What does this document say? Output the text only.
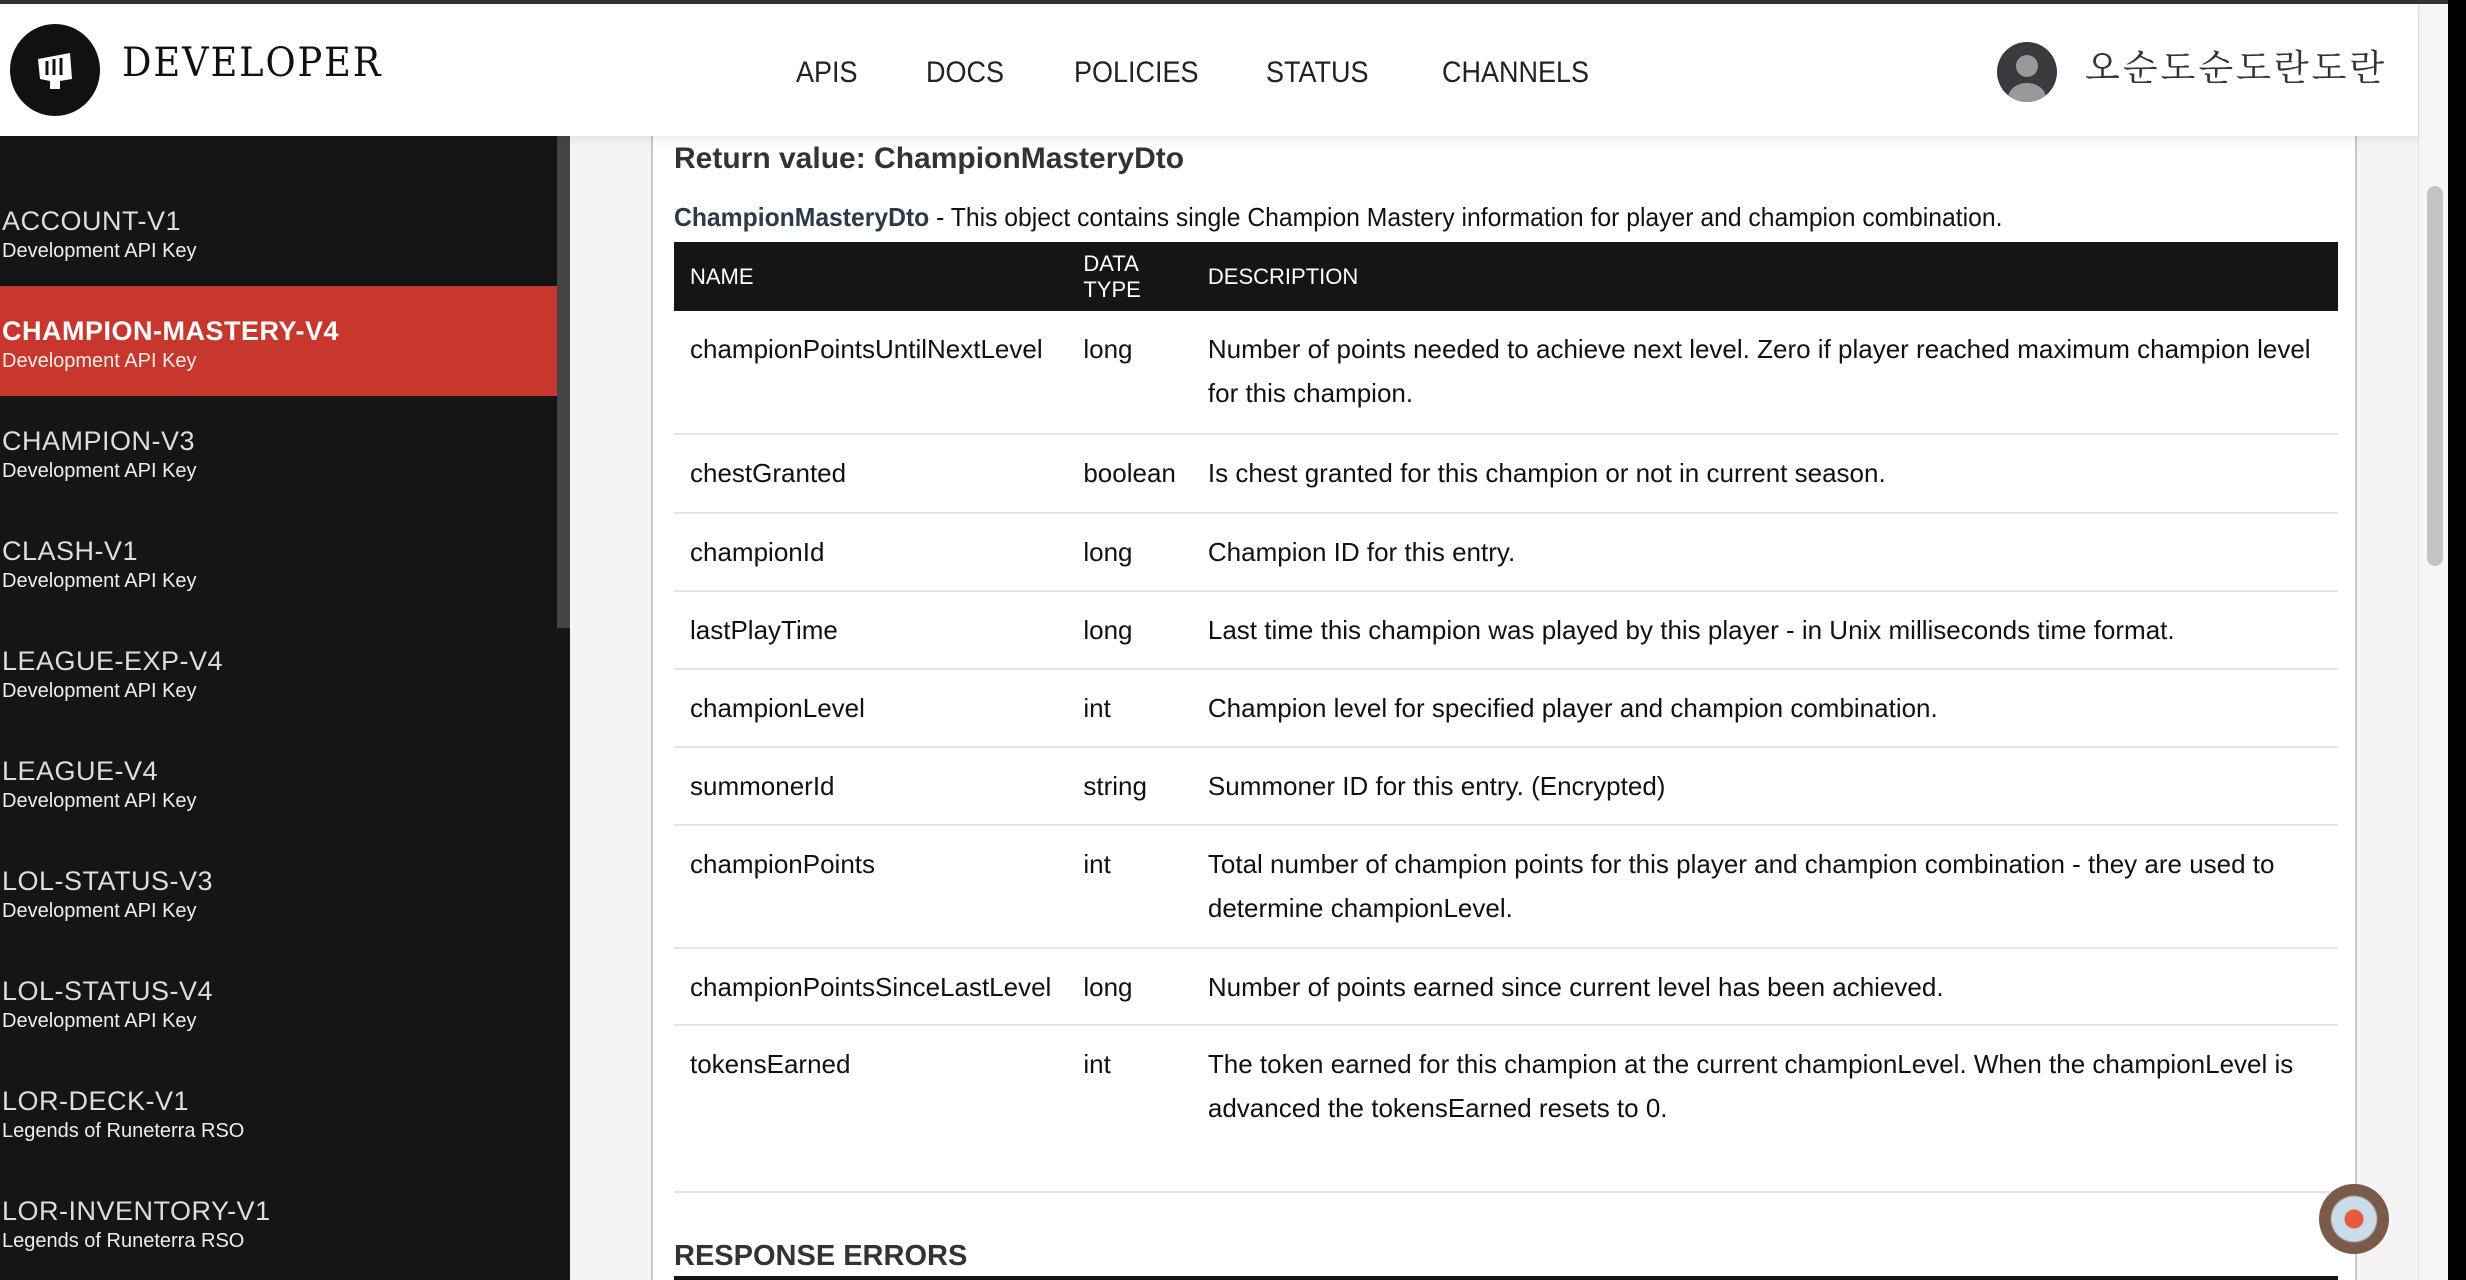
DEVELOPER	APIS DOCS POLICIES STATUS CHANNELS	오순도순도란도란
ACCOUNT-V1
Development API Key
CHAMPION-MASTERY-V4
Development API Key
CHAMPION-V3
Development API Key
CLASH-V1
Development API Key
LEAGUE-EXP-V4
Development API Key
LEAGUE-V4
Development API Key
LOL-STATUS-V3
Development API Key
LOL-STATUS-V4
Development API Key
LOR-DECK-V1
Legends of Runeterra RSO
LOR-INVENTORY-V1
Legends of Runeterra RSO
Return value: ChampionMasteryDto
ChampionMasteryDto - This object contains single Champion Mastery information for player and champion combination.
NAME	DATA TYPE	DESCRIPTION

championPointsUntilNextLevel	long	Number of points needed to achieve next level. Zero if player reached maximum champion level for this champion.

chestGranted	boolean	Is chest granted for this champion or not in current season.

championId	long	Champion ID for this entry.

lastPlayTime	long	Last time this champion was played by this player - in Unix milliseconds time format.

championLevel	int	Champion level for specified player and champion combination.

summonerId	string	Summoner ID for this entry. (Encrypted)

championPoints	int	Total number of champion points for this player and champion combination - they are used to determine championLevel.

championPointsSinceLastLevel	long	Number of points earned since current level has been achieved.

tokensEarned	int	The token earned for this champion at the current championLevel. When the championLevel is advanced the tokensEarned resets to 0.
RESPONSE ERRORS
